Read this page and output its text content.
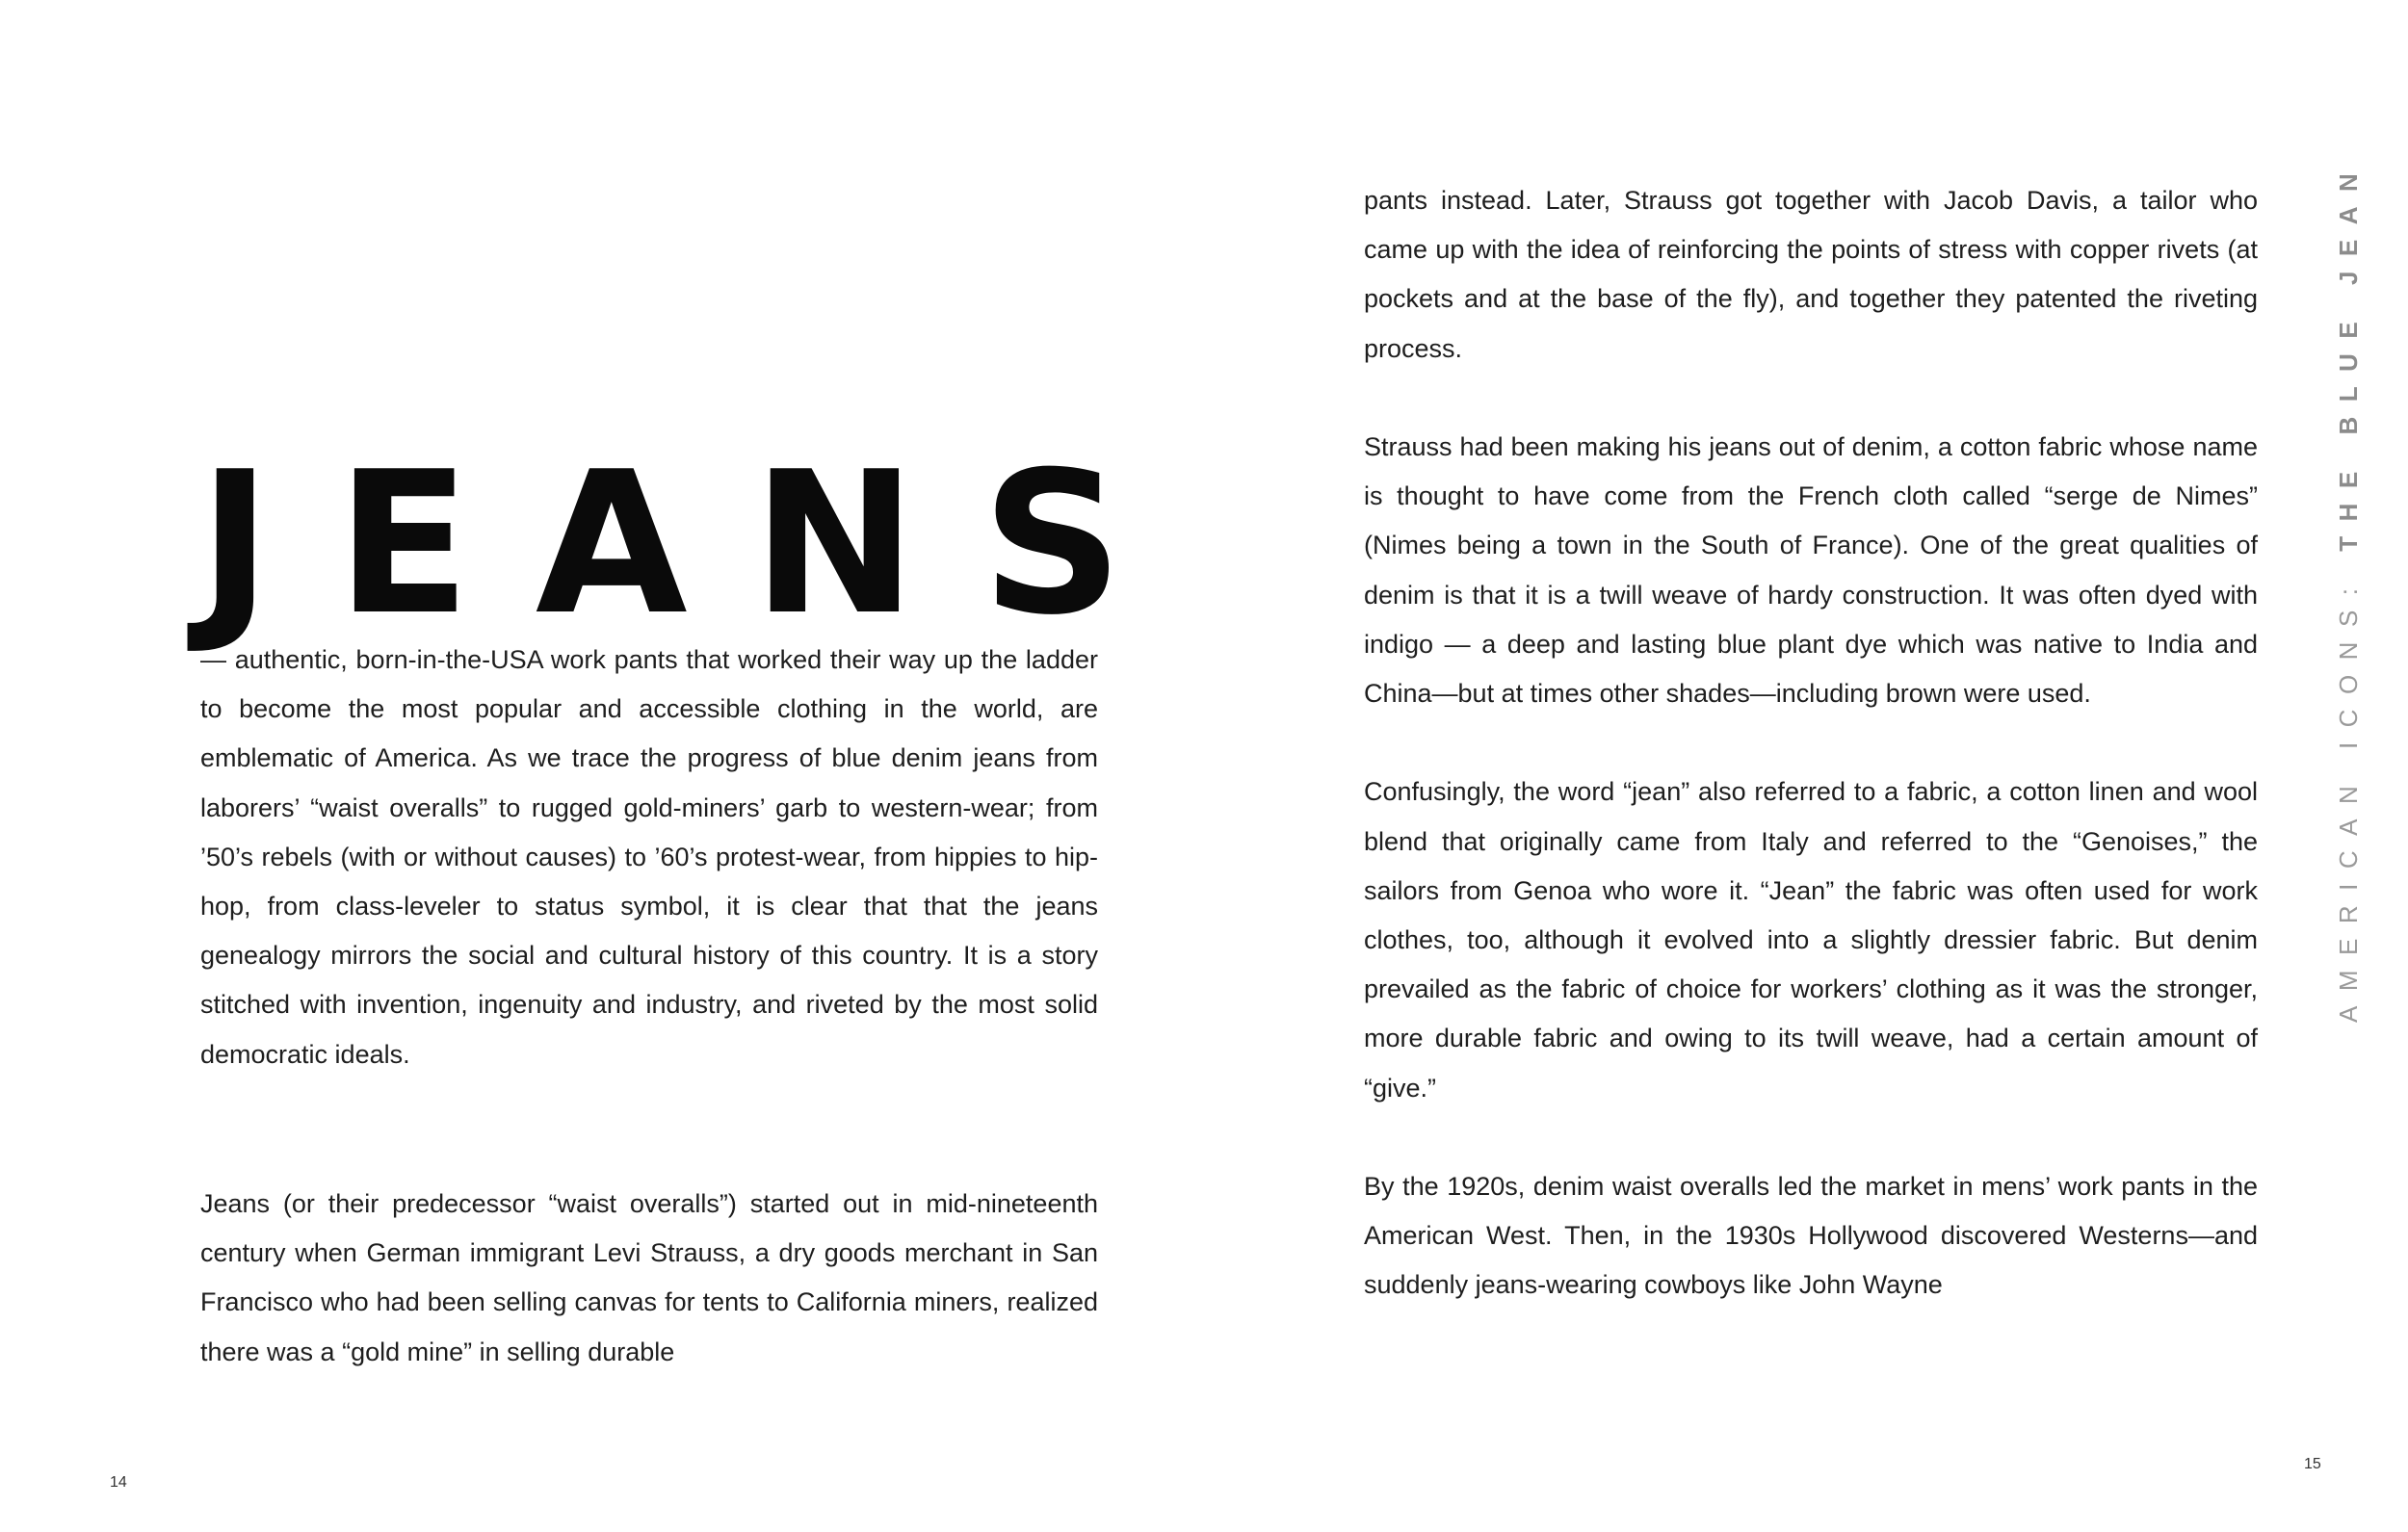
J E A N S

— authentic, born-in-the-USA work pants that worked their way up the ladder to become the most popular and accessible clothing in the world, are emblematic of America. As we trace the progress of blue denim jeans from laborers’ “waist overalls” to rugged gold-miners’ garb to western-wear; from ’50’s rebels (with or without causes) to ’60’s protest-wear, from hippies to hip-hop, from class-leveler to status symbol, it is clear that that the jeans genealogy mirrors the social and cultural history of this country. It is a story stitched with invention, ingenuity and industry, and riveted by the most solid democratic ideals.

Jeans (or their predecessor “waist overalls”) started out in mid-nineteenth century when German immigrant Levi Strauss, a dry goods merchant in San Francisco who had been selling canvas for tents to California miners, realized there was a “gold mine” in selling durable

14

pants instead. Later, Strauss got together with Jacob Davis, a tailor who came up with the idea of reinforcing the points of stress with copper rivets (at pockets and at the base of the fly), and together they patented the riveting process.

Strauss had been making his jeans out of denim, a cotton fabric whose name is thought to have come from the French cloth called “serge de Nimes” (Nimes being a town in the South of France). One of the great qualities of denim is that it is a twill weave of hardy construction. It was often dyed with indigo — a deep and lasting blue plant dye which was native to India and China—but at times other shades—including brown were used.

Confusingly, the word “jean” also referred to a fabric, a cotton linen and wool blend that originally came from Italy and referred to the “Genoises,” the sailors from Genoa who wore it. “Jean” the fabric was often used for work clothes, too, although it evolved into a slightly dressier fabric. But denim prevailed as the fabric of choice for workers’ clothing as it was the stronger, more durable fabric and owing to its twill weave, had a certain amount of “give.”

By the 1920s, denim waist overalls led the market in mens’ work pants in the American West. Then, in the 1930s Hollywood discovered Westerns—and suddenly jeans-wearing cowboys like John Wayne

AMERICAN ICONS: THE BLUE JEAN
15
